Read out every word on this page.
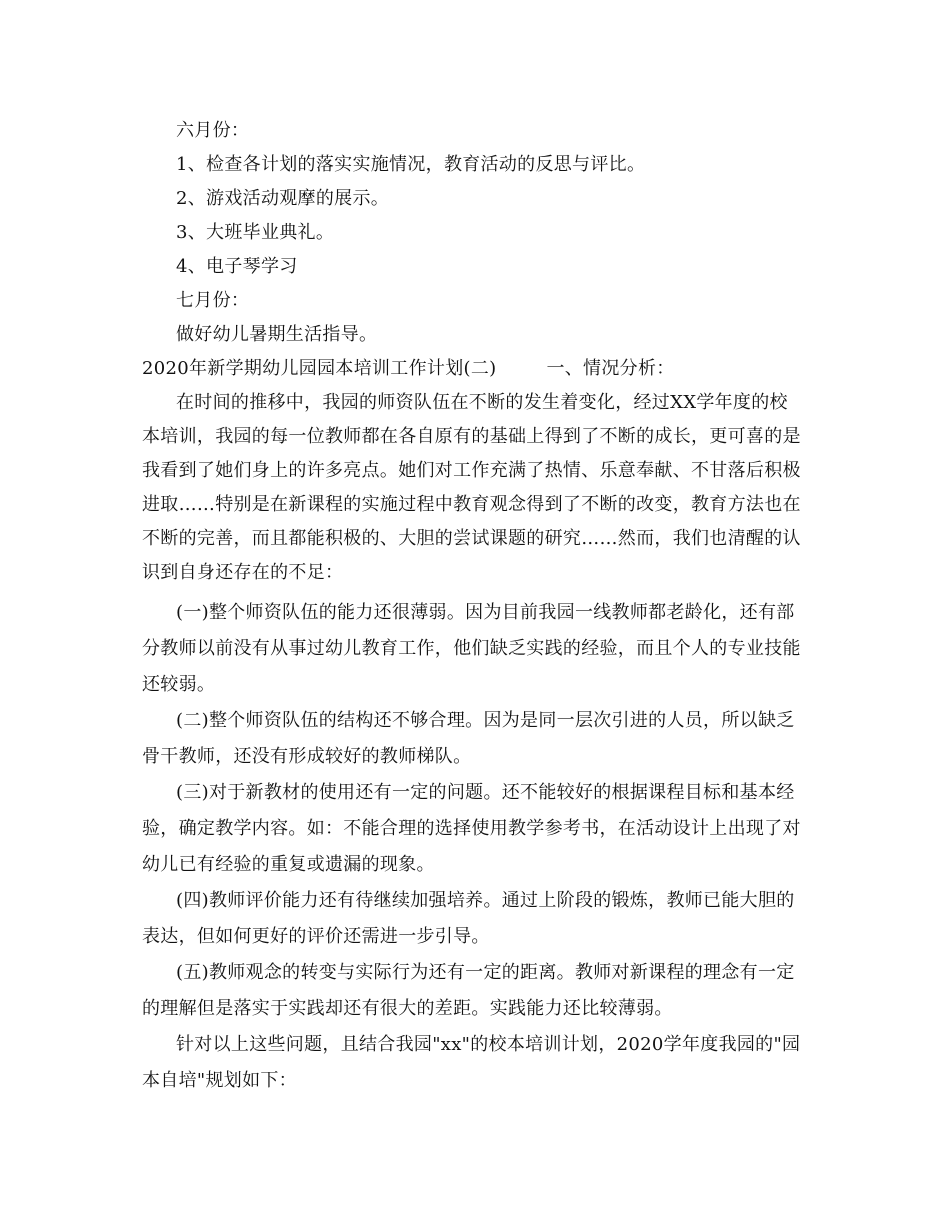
六月份：
1、检查各计划的落实实施情况，教育活动的反思与评比。
2、游戏活动观摩的展示。
3、大班毕业典礼。
4、电子琴学习
七月份：
做好幼儿暑期生活指导。
2020年新学期幼儿园园本培训工作计划(二)	一、情况分析：
在时间的推移中，我园的师资队伍在不断的发生着变化，经过XX学年度的校
本培训，我园的每一位教师都在各自原有的基础上得到了不断的成长，更可喜的是
我看到了她们身上的许多亮点。她们对工作充满了热情、乐意奉献、不甘落后积极
进取……特别是在新课程的实施过程中教育观念得到了不断的改变，教育方法也在
不断的完善，而且都能积极的、大胆的尝试课题的研究……然而，我们也清醒的认
识到自身还存在的不足：
(一)整个师资队伍的能力还很薄弱。因为目前我园一线教师都老龄化，还有部
分教师以前没有从事过幼儿教育工作，他们缺乏实践的经验，而且个人的专业技能
还较弱。
(二)整个师资队伍的结构还不够合理。因为是同一层次引进的人员，所以缺乏
骨干教师，还没有形成较好的教师梯队。
(三)对于新教材的使用还有一定的问题。还不能较好的根据课程目标和基本经
验，确定教学内容。如：不能合理的选择使用教学参考书，在活动设计上出现了对
幼儿已有经验的重复或遗漏的现象。
(四)教师评价能力还有待继续加强培养。通过上阶段的锻炼，教师已能大胆的
表达，但如何更好的评价还需进一步引导。
(五)教师观念的转变与实际行为还有一定的距离。教师对新课程的理念有一定
的理解但是落实于实践却还有很大的差距。实践能力还比较薄弱。
针对以上这些问题，且结合我园"xx"的校本培训计划，2020学年度我园的"园
本自培"规划如下：
